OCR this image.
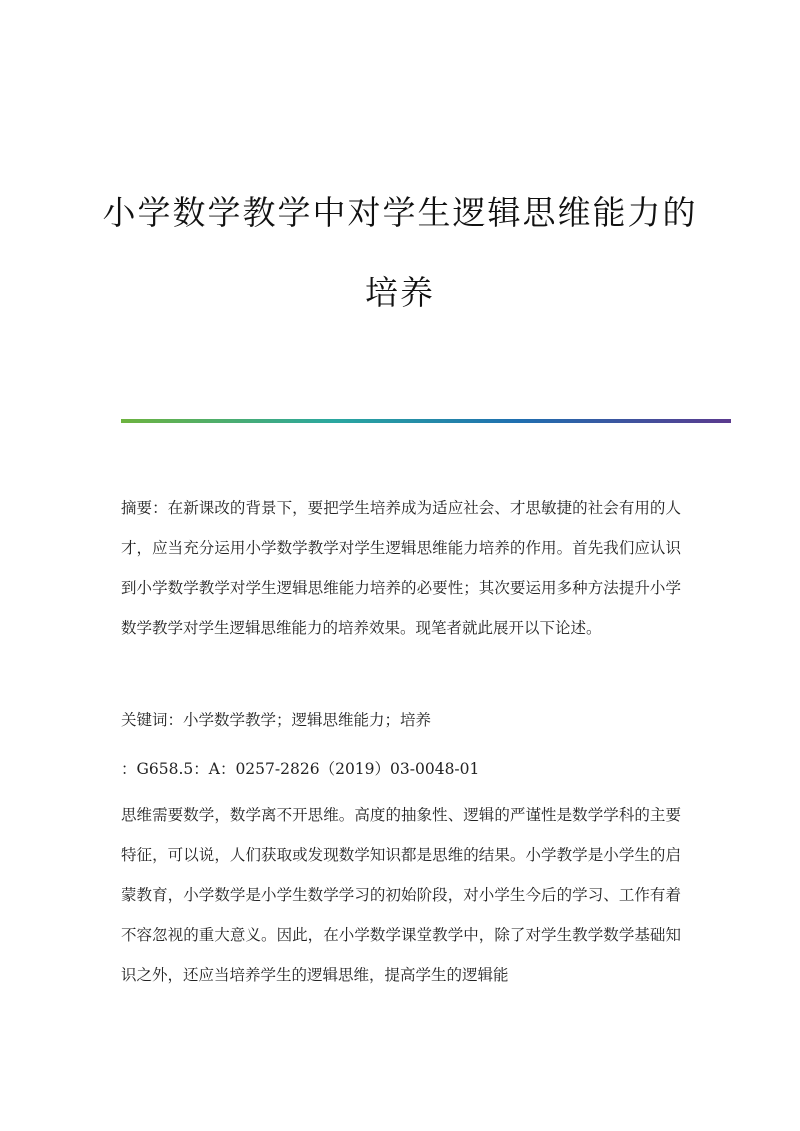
小学数学教学中对学生逻辑思维能力的
培养

摘要：在新课改的背景下，要把学生培养成为适应社会、才思敏捷的社会有用的人才，应当充分运用小学数学教学对学生逻辑思维能力培养的作用。首先我们应认识到小学数学教学对学生逻辑思维能力培养的必要性；其次要运用多种方法提升小学数学教学对学生逻辑思维能力的培养效果。现笔者就此展开以下论述。

关键词：小学数学教学；逻辑思维能力；培养

：G658.5：A：0257-2826（2019）03-0048-01

思维需要数学，数学离不开思维。高度的抽象性、逻辑的严谨性是数学学科的主要特征，可以说，人们获取或发现数学知识都是思维的结果。小学教学是小学生的启蒙教育，小学数学是小学生数学学习的初始阶段，对小学生今后的学习、工作有着不容忽视的重大意义。因此，在小学数学课堂教学中，除了对学生教学数学基础知识之外，还应当培养学生的逻辑思维，提高学生的逻辑能
